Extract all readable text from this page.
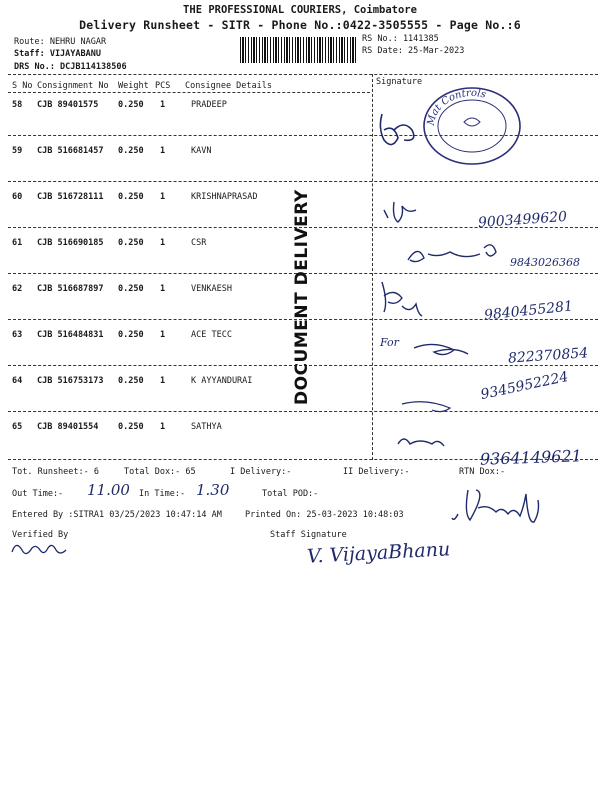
THE PROFESSIONAL COURIERS, Coimbatore
Delivery Runsheet - SITR - Phone No.:0422-3505555 - Page No.:6
Route: NEHRU NAGAR
Staff: VIJAYABANU
DRS No.: DCJB114138506
RS No.: 1141385
RS Date: 25-Mar-2023
S No Consignment No Weight PCS Consignee Details	Signature
58 CJB 89401575 0.250 1	PRADEEP
59 CJB 516681457 0.250 1	KAVN
60 CJB 516728111 0.250 1	KRISHNAPRASAD
61 CJB 516690185 0.250 1	CSR
62 CJB 516687897 0.250 1	VENKAESH
63 CJB 516484831 0.250 1	ACE TECC
64 CJB 516753173 0.250 1	K AYYANDURAI
65 CJB 89401554 0.250 1	SATHYA
DOCUMENT DELIVERY
Mat Controls
9003499620
9843026368
9840455281
For
822370854
9345952224
9364149621
Tot. Runsheet:- 6	Total Dox:- 65	I Delivery:-	II Delivery:-	RTN Dox:-
Out Time:- 11.00 In Time:- 1.30	Total POD:-
Entered By :SITRA1 03/25/2023 10:47:14 AM	Printed On: 25-03-2023 10:48:03
Verified By	Staff Signature
V. VijayaBhanu
